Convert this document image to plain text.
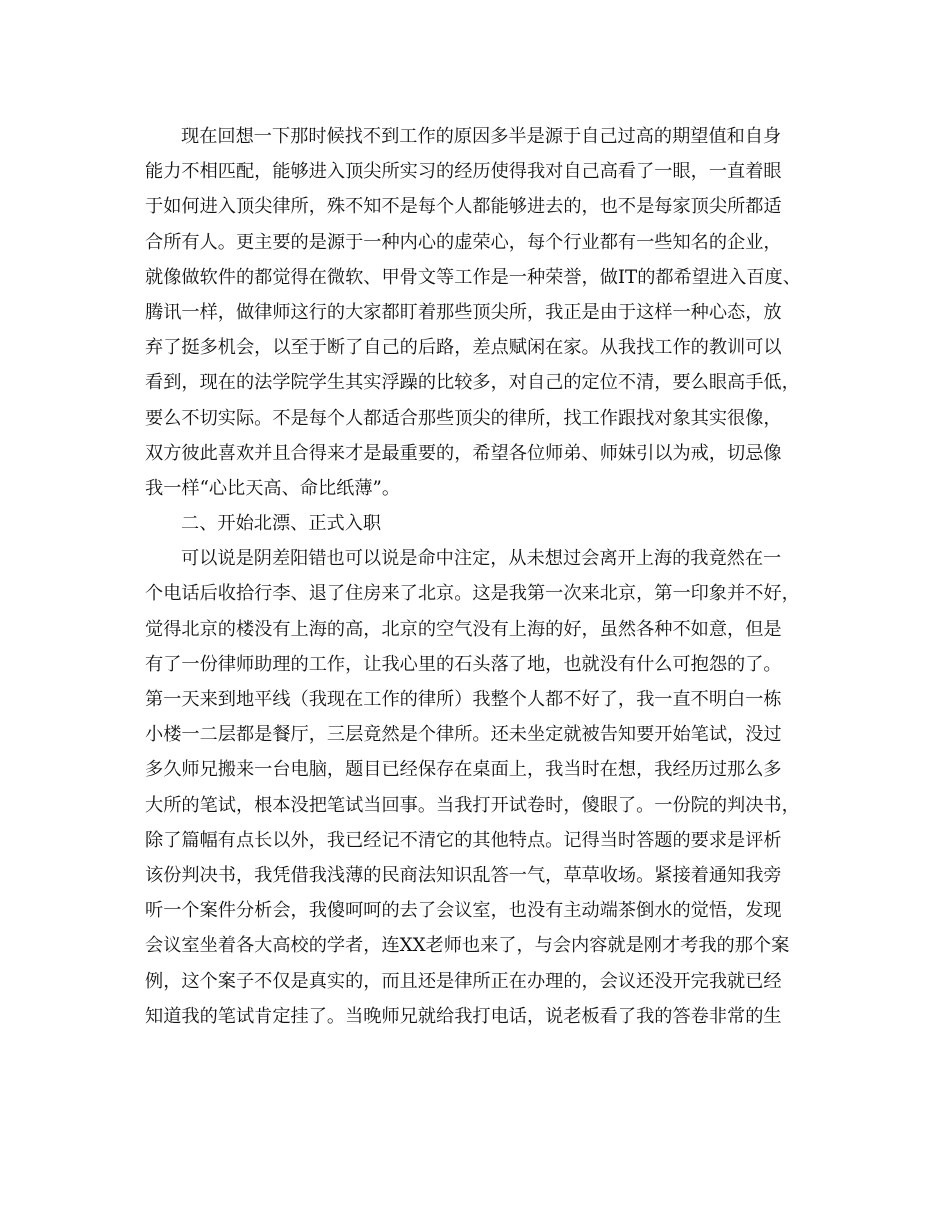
现在回想一下那时候找不到工作的原因多半是源于自己过高的期望值和自身
能力不相匹配，能够进入顶尖所实习的经历使得我对自己高看了一眼，一直着眼
于如何进入顶尖律所，殊不知不是每个人都能够进去的，也不是每家顶尖所都适
合所有人。更主要的是源于一种内心的虚荣心，每个行业都有一些知名的企业，
就像做软件的都觉得在微软、甲骨文等工作是一种荣誉，做IT的都希望进入百度、
腾讯一样，做律师这行的大家都盯着那些顶尖所，我正是由于这样一种心态，放
弃了挺多机会，以至于断了自己的后路，差点赋闲在家。从我找工作的教训可以
看到，现在的法学院学生其实浮躁的比较多，对自己的定位不清，要么眼高手低，
要么不切实际。不是每个人都适合那些顶尖的律所，找工作跟找对象其实很像，
双方彼此喜欢并且合得来才是最重要的，希望各位师弟、师妹引以为戒，切忌像
我一样“心比天高、命比纸薄”。
二、开始北漂、正式入职
可以说是阴差阳错也可以说是命中注定，从未想过会离开上海的我竟然在一
个电话后收拾行李、退了住房来了北京。这是我第一次来北京，第一印象并不好，
觉得北京的楼没有上海的高，北京的空气没有上海的好，虽然各种不如意，但是
有了一份律师助理的工作，让我心里的石头落了地，也就没有什么可抱怨的了。
第一天来到地平线（我现在工作的律所）我整个人都不好了，我一直不明白一栋
小楼一二层都是餐厅，三层竟然是个律所。还未坐定就被告知要开始笔试，没过
多久师兄搬来一台电脑，题目已经保存在桌面上，我当时在想，我经历过那么多
大所的笔试，根本没把笔试当回事。当我打开试卷时，傻眼了。一份院的判决书，
除了篇幅有点长以外，我已经记不清它的其他特点。记得当时答题的要求是评析
该份判决书，我凭借我浅薄的民商法知识乱答一气，草草收场。紧接着通知我旁
听一个案件分析会，我傻呵呵的去了会议室，也没有主动端茶倒水的觉悟，发现
会议室坐着各大高校的学者，连XX老师也来了，与会内容就是刚才考我的那个案
例，这个案子不仅是真实的，而且还是律所正在办理的，会议还没开完我就已经
知道我的笔试肯定挂了。当晚师兄就给我打电话，说老板看了我的答卷非常的生
